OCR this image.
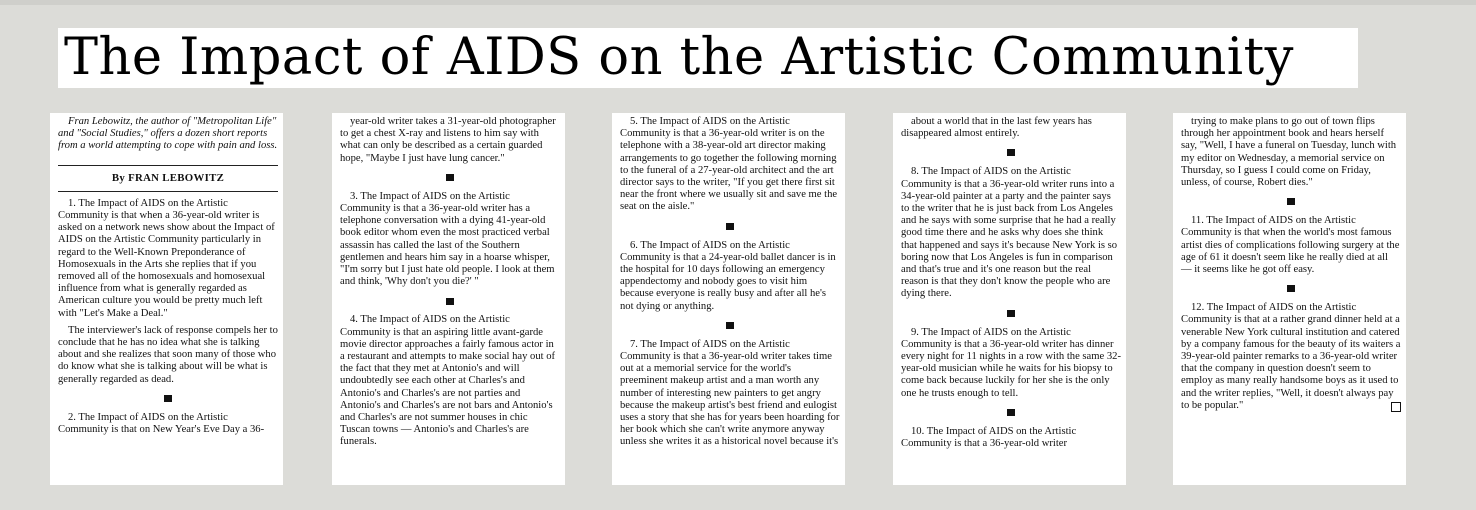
The Impact of AIDS on the Artistic Community

Fran Lebowitz, the author of "Metropolitan Life" and "Social Studies," offers a dozen short reports from a world attempting to cope with pain and loss.

By FRAN LEBOWITZ

1. The Impact of AIDS on the Artistic Community is that when a 36-year-old writer is asked on a network news show about the Impact of AIDS on the Artistic Community particularly in regard to the Well-Known Preponderance of Homosexuals in the Arts she replies that if you removed all of the homosexuals and homosexual influence from what is generally regarded as American culture you would be pretty much left with "Let's Make a Deal."

The interviewer's lack of response compels her to conclude that he has no idea what she is talking about and she realizes that soon many of those who do know what she is talking about will be what is generally regarded as dead.

2. The Impact of AIDS on the Artistic Community is that on New Year's Eve Day a 36-

year-old writer takes a 31-year-old photographer to get a chest X-ray and listens to him say with what can only be described as a certain guarded hope, "Maybe I just have lung cancer."

3. The Impact of AIDS on the Artistic Community is that a 36-year-old writer has a telephone conversation with a dying 41-year-old book editor whom even the most practiced verbal assassin has called the last of the Southern gentlemen and hears him say in a hoarse whisper, "I'm sorry but I just hate old people. I look at them and think, 'Why don't you die?' "

4. The Impact of AIDS on the Artistic Community is that an aspiring little avant-garde movie director approaches a fairly famous actor in a restaurant and attempts to make social hay out of the fact that they met at Antonio's and will undoubtedly see each other at Charles's and Antonio's and Charles's are not parties and Antonio's and Charles's are not bars and Antonio's and Charles's are not summer houses in chic Tuscan towns — Antonio's and Charles's are funerals.

5. The Impact of AIDS on the Artistic Community is that a 36-year-old writer is on the telephone with a 38-year-old art director making arrangements to go together the following morning to the funeral of a 27-year-old architect and the art director says to the writer, "If you get there first sit near the front where we usually sit and save me the seat on the aisle."

6. The Impact of AIDS on the Artistic Community is that a 24-year-old ballet dancer is in the hospital for 10 days following an emergency appendectomy and nobody goes to visit him because everyone is really busy and after all he's not dying or anything.

7. The Impact of AIDS on the Artistic Community is that a 36-year-old writer takes time out at a memorial service for the world's preeminent makeup artist and a man worth any number of interesting new painters to get angry because the makeup artist's best friend and eulogist uses a story that she has for years been hoarding for her book which she can't write anymore anyway unless she writes it as a historical novel because it's

about a world that in the last few years has disappeared almost entirely.

8. The Impact of AIDS on the Artistic Community is that a 36-year-old writer runs into a 34-year-old painter at a party and the painter says to the writer that he is just back from Los Angeles and he says with some surprise that he had a really good time there and he asks why does she think that happened and says it's because New York is so boring now that Los Angeles is fun in comparison and that's true and it's one reason but the real reason is that they don't know the people who are dying there.

9. The Impact of AIDS on the Artistic Community is that a 36-year-old writer has dinner every night for 11 nights in a row with the same 32-year-old musician while he waits for his biopsy to come back because luckily for her she is the only one he trusts enough to tell.

10. The Impact of AIDS on the Artistic Community is that a 36-year-old writer

trying to make plans to go out of town flips through her appointment book and hears herself say, "Well, I have a funeral on Tuesday, lunch with my editor on Wednesday, a memorial service on Thursday, so I guess I could come on Friday, unless, of course, Robert dies."

11. The Impact of AIDS on the Artistic Community is that when the world's most famous artist dies of complications following surgery at the age of 61 it doesn't seem like he really died at all — it seems like he got off easy.

12. The Impact of AIDS on the Artistic Community is that at a rather grand dinner held at a venerable New York cultural institution and catered by a company famous for the beauty of its waiters a 39-year-old painter remarks to a 36-year-old writer that the company in question doesn't seem to employ as many really handsome boys as it used to and the writer replies, "Well, it doesn't always pay to be popular."
